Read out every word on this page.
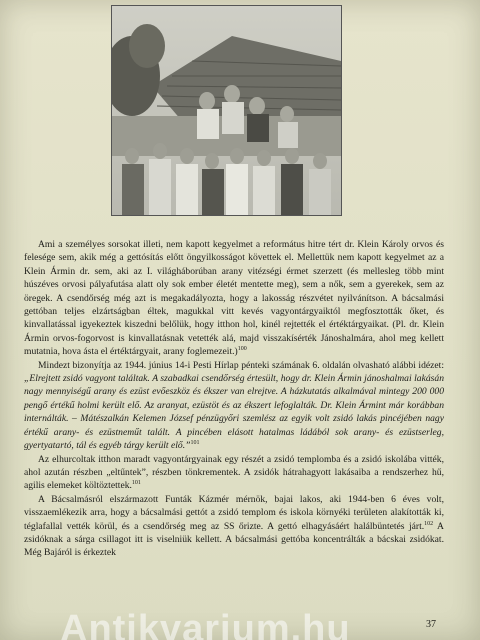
Ami a személyes sorsokat illeti, nem kapott kegyelmet a református hitre tért dr. Klein Károly orvos és felesége sem, akik még a gettósítás előtt öngyilkosságot követtek el. Mellettük nem kapott kegyelmet az a Klein Ármin dr. sem, aki az I. világháborúban arany vitézségi érmet szerzett (és mellesleg több mint húszéves orvosi pályafutása alatt oly sok ember életét mentette meg), sem a nők, sem a gyerekek, sem az öregek. A csendőrség még azt is megakadályozta, hogy a lakosság részvétet nyilvánítson. A bácsalmási gettóban teljes elzártságban éltek, magukkal vitt kevés vagyontárgyaiktól megfosztották őket, és kinvallatással igyekeztek kiszedni belőlük, hogy itthon hol, kinél rejtették el értéktárgyaikat. (Pl. dr. Klein Ármin orvos-fogorvost is kinvallatásnak vetették alá, majd visszakísérték Jánoshalmára, ahol meg kellett mutatnia, hova ásta el értéktárgyait, arany foglemezeit.)$^{100}$

Mindezt bizonyítja az 1944. június 14-i Pesti Hírlap pénteki számának 6. oldalán olvasható alábbi idézet: „Elrejtett zsidó vagyont találtak. A szabadkai csendőrség értesült, hogy dr. Klein Ármin jánoshalmai lakásán nagy mennyiségű arany és ezüst evőeszköz és ékszer van elrejtve. A házkutatás alkalmával mintegy 200 000 pengő értékű holmi került elő. Az aranyat, ezüstöt és az ékszert lefoglalták. Dr. Klein Ármint már korábban internálták. – Mátészalkán Kelemen József pénzügyőri szemlész az egyik volt zsidó lakás pincéjében nagy értékű arany- és ezüstneműt talált. A pincében elásott hatalmas ládából sok arany- és ezüstserleg, gyertyatartó, tál és egyéb tárgy került elő.”$^{101}$

Az elhurcoltak itthon maradt vagyontárgyainak egy részét a zsidó templomba és a zsidó iskolába vitték, ahol azután részben „eltűntek”, részben tönkrementek. A zsidók hátrahagyott lakásaiba a rendszerhez hű, agilis elemeket költöztettek.$^{101}$

A Bácsalmásról elszármazott Funták Kázmér mérnök, bajai lakos, aki 1944-ben 6 éves volt, visszaemlékezik arra, hogy a bácsalmási gettót a zsidó templom és iskola környéki területen alakították ki, téglafallal vették körül, és a csendőrség meg az SS őrizte. A gettó elhagyásáért halálbüntetés járt.$^{102}$ A zsidóknak a sárga csillagot itt is viselniük kellett. A bácsalmási gettóba koncentrálták a bácskai zsidókat. Még Bajáról is érkeztek

37
Antikvarium.hu
